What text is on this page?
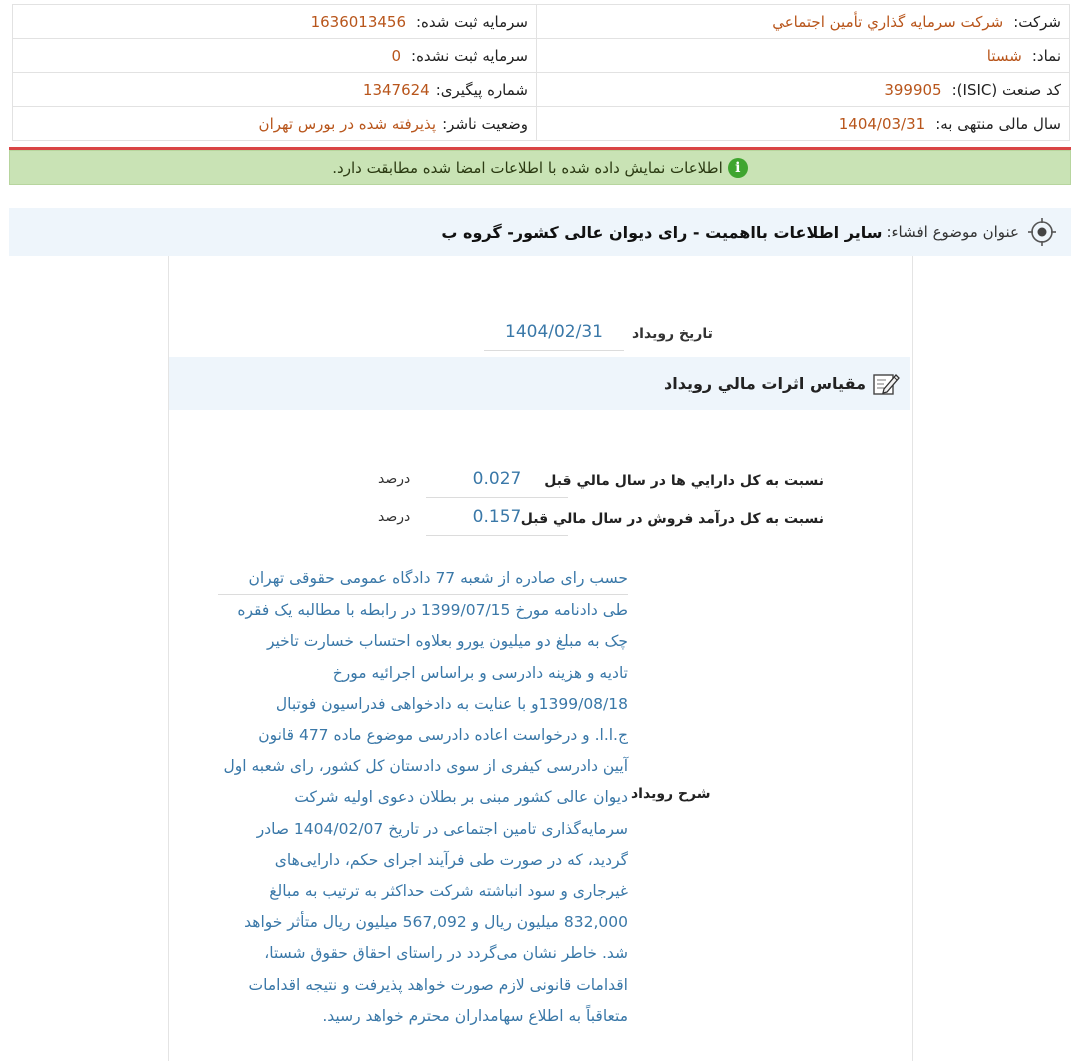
شرکت:شرکت سرمايه گذاري تأمين اجتماعي	سرمایه ثبت شده:1636013456
نماد:شستا	سرمایه ثبت نشده:0
کد صنعت (ISIC):399905	شماره پیگیری:1347624
سال مالی منتهی به:1404/03/31	وضعیت ناشر:پذیرفته شده در بورس تهران
i
اطلاعات نمایش داده شده با اطلاعات امضا شده مطابقت دارد.
عنوان موضوع افشاء:
سایر اطلاعات بااهمیت - رای دیوان عالی کشور- گروه ب
تاريخ رويداد
1404/02/31
مقياس اثرات مالي رويداد
نسبت به کل دارايي ها در سال مالي قبل
0.027
درصد
نسبت به کل درآمد فروش در سال مالي قبل
0.157
درصد
شرح رويداد
حسب رای صادره از شعبه 77 دادگاه عمومی حقوقی تهران
طی دادنامه مورخ 1399/07/15 در رابطه با مطالبه یک فقره
چک به مبلغ دو میلیون یورو بعلاوه احتساب خسارت تاخیر
تادیه و هزینه دادرسی و براساس اجرائیه مورخ
1399/08/18و با عنایت به دادخواهی فدراسیون فوتبال
ج.ا.ا. و درخواست اعاده دادرسی موضوع ماده 477 قانون
آیین دادرسی کیفری از سوی دادستان کل کشور، رای شعبه اول
دیوان عالی کشور مبنی بر بطلان دعوی اولیه شرکت
سرمایه‌گذاری تامین اجتماعی در تاریخ 1404/02/07 صادر
گردید، که در صورت طی فرآیند اجرای حکم، دارایی‌های
غیرجاری و سود انباشته شرکت حداکثر به ترتیب به مبالغ
832,000 میلیون ریال و 567,092 میلیون ریال متأثر خواهد
شد. خاطر نشان می‌گردد در راستای احقاق حقوق شستا،
اقدامات قانونی لازم صورت خواهد پذیرفت و نتیجه اقدامات
متعاقباً به اطلاع سهامداران محترم خواهد رسید.
